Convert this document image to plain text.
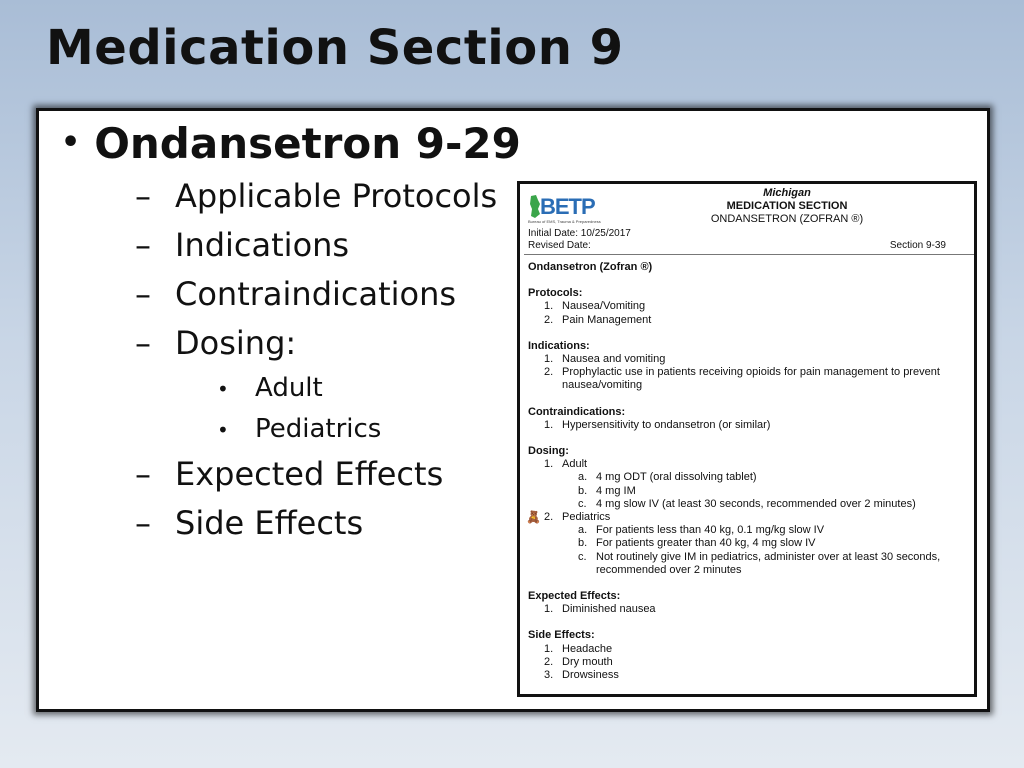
Medication Section 9
• Ondansetron 9-29
– Applicable Protocols
– Indications
– Contraindications
– Dosing:
• Adult
• Pediatrics
– Expected Effects
– Side Effects
BETP
Bureau of EMS, Trauma & Preparedness
Michigan
MEDICATION SECTION
ONDANSETRON (ZOFRAN ®)
Initial Date: 10/25/2017
Revised Date:	Section 9-39
Ondansetron (Zofran ®)
Protocols:
1. Nausea/Vomiting
2. Pain Management
Indications:
1. Nausea and vomiting
2. Prophylactic use in patients receiving opioids for pain management to prevent
nausea/vomiting
Contraindications:
1. Hypersensitivity to ondansetron (or similar)
Dosing:
1. Adult
a. 4 mg ODT (oral dissolving tablet)
b. 4 mg IM
c. 4 mg slow IV (at least 30 seconds, recommended over 2 minutes)
🧸 2. Pediatrics
a. For patients less than 40 kg, 0.1 mg/kg slow IV
b. For patients greater than 40 kg, 4 mg slow IV
c. Not routinely give IM in pediatrics, administer over at least 30 seconds,
recommended over 2 minutes
Expected Effects:
1. Diminished nausea
Side Effects:
1. Headache
2. Dry mouth
3. Drowsiness
